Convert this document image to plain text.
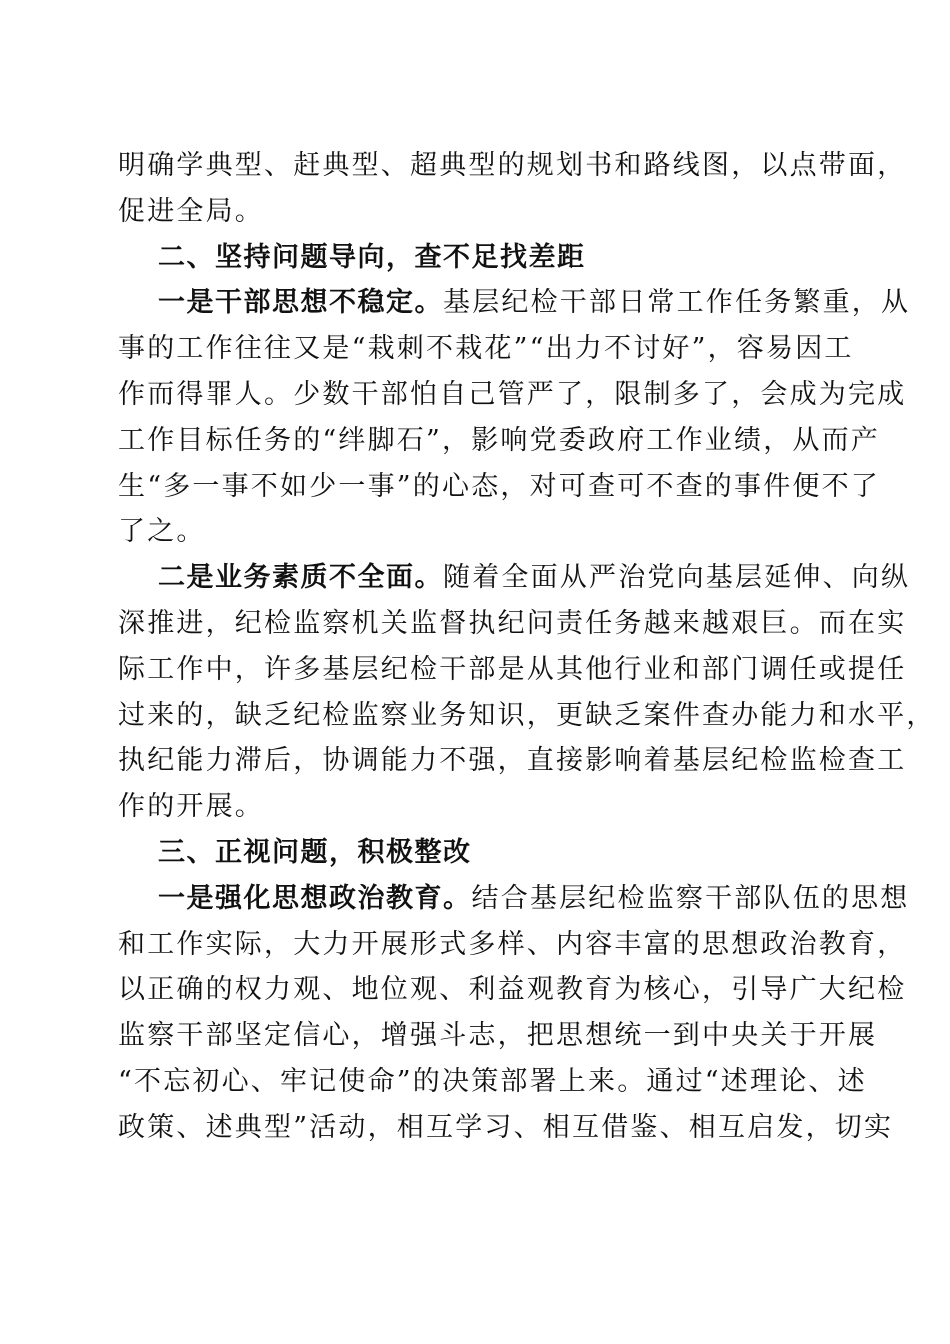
明确学典型、赶典型、超典型的规划书和路线图，以点带面，
促进全局。
二、坚持问题导向，查不足找差距
一是干部思想不稳定。基层纪检干部日常工作任务繁重，从
事的工作往往又是“栽刺不栽花”“出力不讨好”，容易因工
作而得罪人。少数干部怕自己管严了，限制多了，会成为完成
工作目标任务的“绊脚石”，影响党委政府工作业绩，从而产
生“多一事不如少一事”的心态，对可查可不查的事件便不了
了之。
二是业务素质不全面。随着全面从严治党向基层延伸、向纵
深推进，纪检监察机关监督执纪问责任务越来越艰巨。而在实
际工作中，许多基层纪检干部是从其他行业和部门调任或提任
过来的，缺乏纪检监察业务知识，更缺乏案件查办能力和水平，
执纪能力滞后，协调能力不强，直接影响着基层纪检监检查工
作的开展。
三、正视问题，积极整改
一是强化思想政治教育。结合基层纪检监察干部队伍的思想
和工作实际，大力开展形式多样、内容丰富的思想政治教育，
以正确的权力观、地位观、利益观教育为核心，引导广大纪检
监察干部坚定信心，增强斗志，把思想统一到中央关于开展
“不忘初心、牢记使命”的决策部署上来。通过“述理论、述
政策、述典型”活动，相互学习、相互借鉴、相互启发，切实
